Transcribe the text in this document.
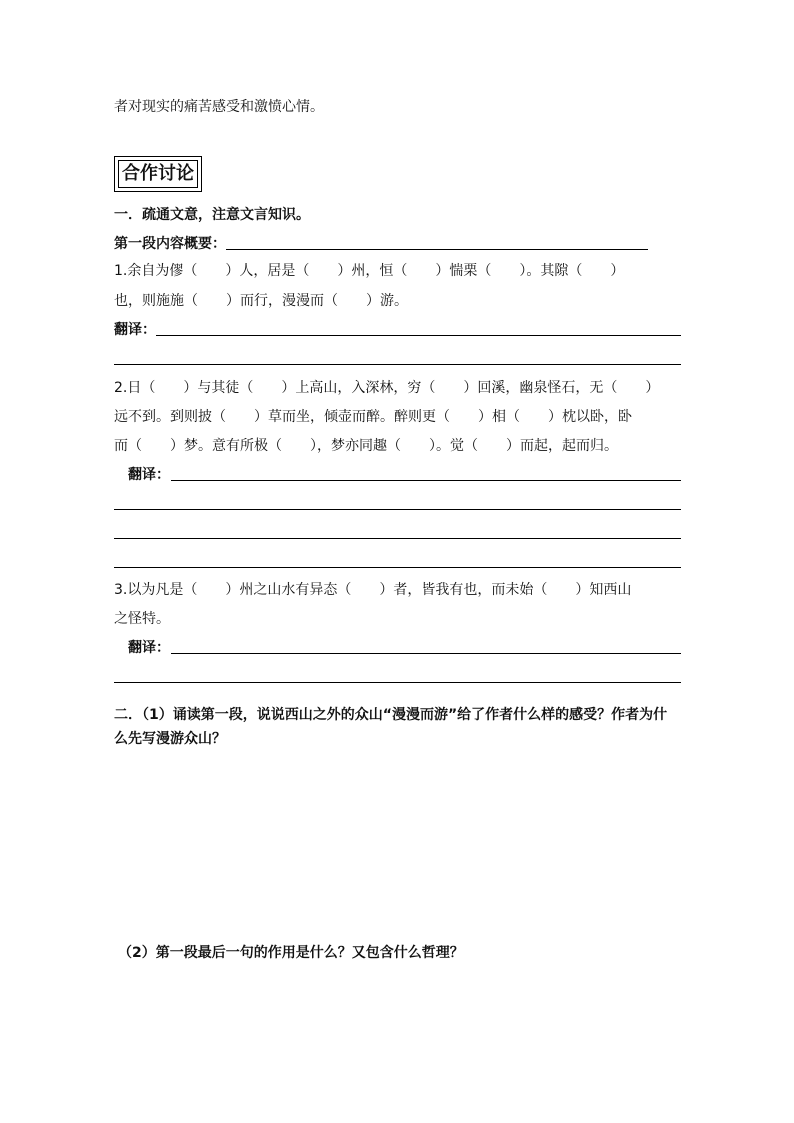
者对现实的痛苦感受和激愤心情。
合作讨论
一．疏通文意，注意文言知识。
第一段内容概要：
1.余自为僇（　　）人，居是（　　）州，恒（　　）惴栗（　　）。其隙（　　）
也，则施施（　　）而行，漫漫而（　　）游。
翻译：
2.日（　　）与其徒（　　）上高山，入深林，穷（　　）回溪，幽泉怪石，无（　　）
远不到。到则披（　　）草而坐，倾壶而醉。醉则更（　　）相（　　）枕以卧，卧
而（　　）梦。意有所极（　　），梦亦同趣（　　）。觉（　　）而起，起而归。
翻译：
3.以为凡是（　　）州之山水有异态（　　）者，皆我有也，而未始（　　）知西山
之怪特。
翻译：
二．（1）诵读第一段，说说西山之外的众山“漫漫而游”给了作者什么样的感受？作者为什
么先写漫游众山？
（2）第一段最后一句的作用是什么？又包含什么哲理？
